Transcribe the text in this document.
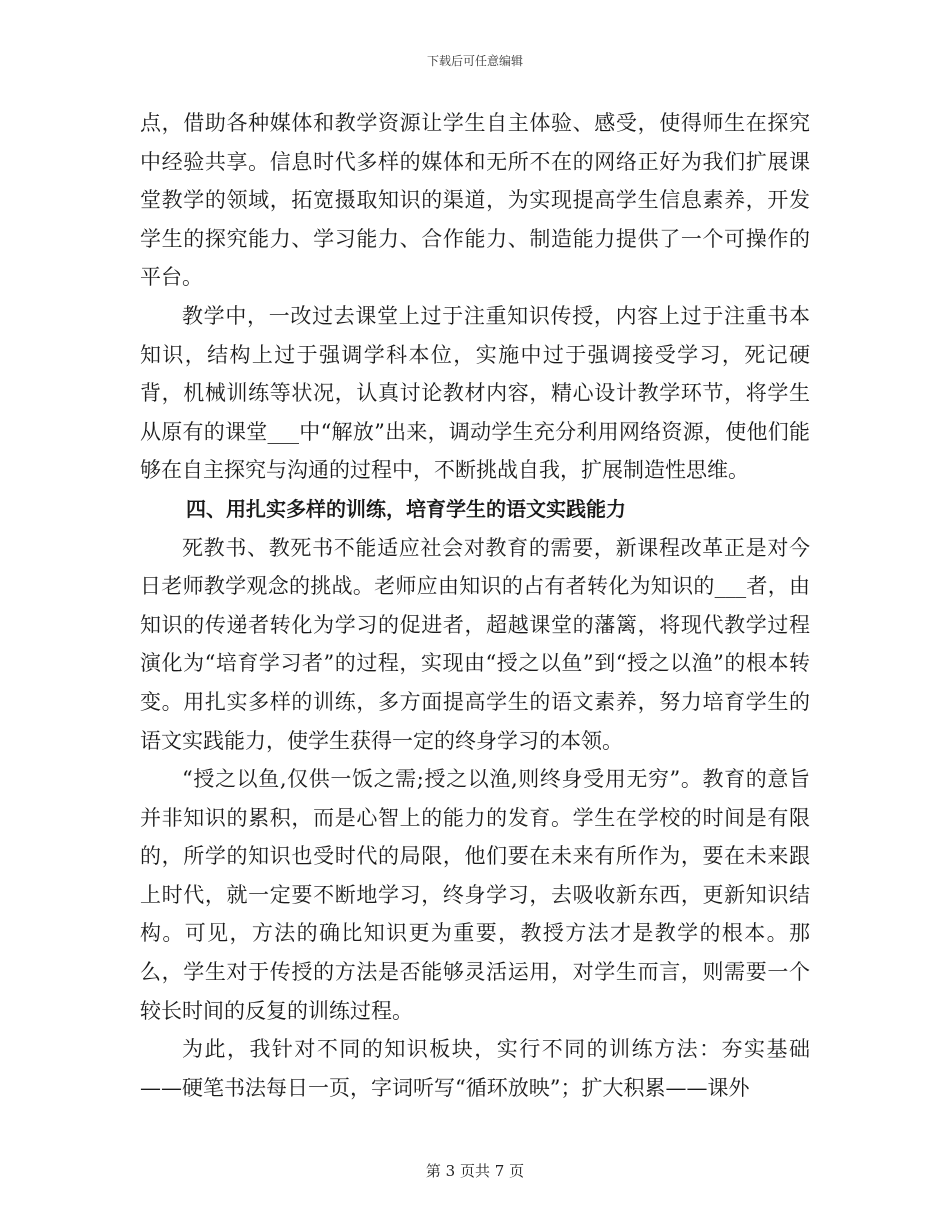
下载后可任意编辑

点，借助各种媒体和教学资源让学生自主体验、感受，使得师生在探究中经验共享。信息时代多样的媒体和无所不在的网络正好为我们扩展课堂教学的领域，拓宽摄取知识的渠道，为实现提高学生信息素养，开发学生的探究能力、学习能力、合作能力、制造能力提供了一个可操作的平台。

教学中，一改过去课堂上过于注重知识传授，内容上过于注重书本知识，结构上过于强调学科本位，实施中过于强调接受学习，死记硬背，机械训练等状况，认真讨论教材内容，精心设计教学环节，将学生从原有的课堂___中“解放”出来，调动学生充分利用网络资源，使他们能够在自主探究与沟通的过程中，不断挑战自我，扩展制造性思维。

四、用扎实多样的训练，培育学生的语文实践能力

死教书、教死书不能适应社会对教育的需要，新课程改革正是对今日老师教学观念的挑战。老师应由知识的占有者转化为知识的___者，由知识的传递者转化为学习的促进者，超越课堂的藩篱，将现代教学过程演化为“培育学习者”的过程，实现由“授之以鱼”到“授之以渔”的根本转变。用扎实多样的训练，多方面提高学生的语文素养，努力培育学生的语文实践能力，使学生获得一定的终身学习的本领。

“授之以鱼,仅供一饭之需;授之以渔,则终身受用无穷”。教育的意旨并非知识的累积，而是心智上的能力的发育。学生在学校的时间是有限的，所学的知识也受时代的局限，他们要在未来有所作为，要在未来跟上时代，就一定要不断地学习，终身学习，去吸收新东西，更新知识结构。可见，方法的确比知识更为重要，教授方法才是教学的根本。那么，学生对于传授的方法是否能够灵活运用，对学生而言，则需要一个较长时间的反复的训练过程。

为此，我针对不同的知识板块，实行不同的训练方法：夯实基础——硬笔书法每日一页，字词听写“循环放映”；扩大积累——课外

第 3 页共 7 页
